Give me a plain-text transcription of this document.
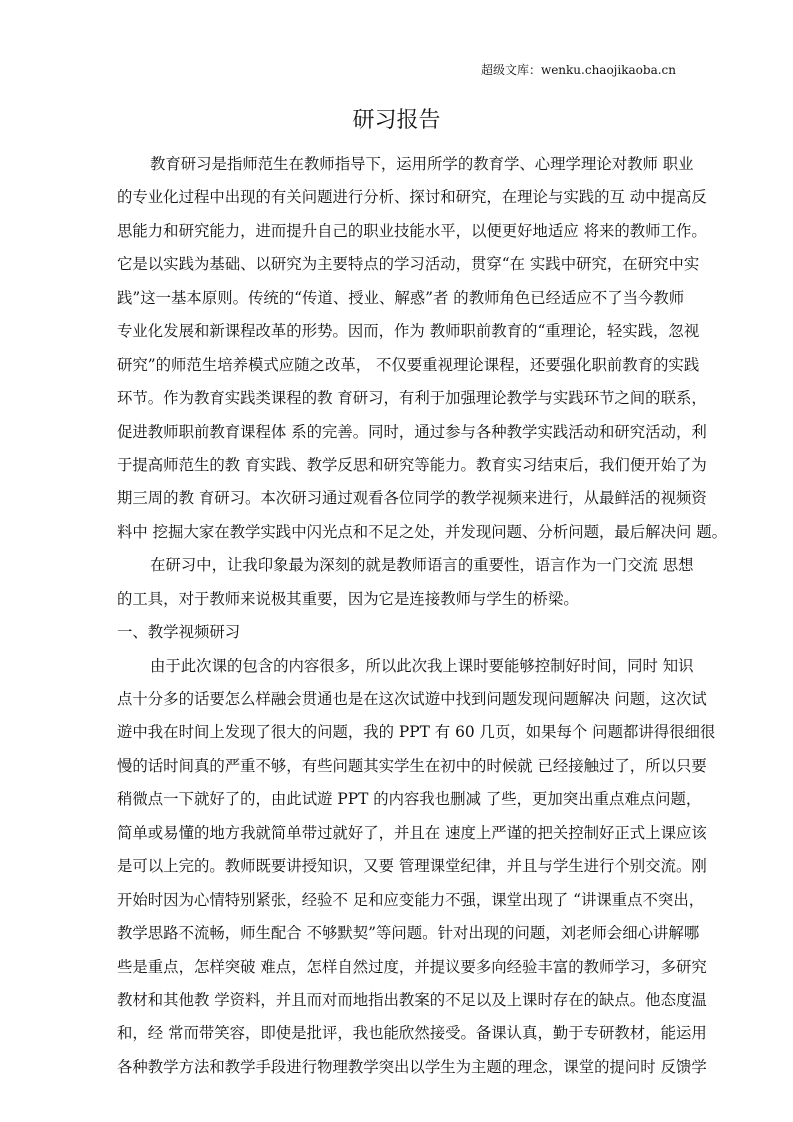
超级文库：wenku.chaojikaoba.cn
研习报告
教育研习是指师范生在教师指导下，运用所学的教育学、心理学理论对教师 职业
的专业化过程中出现的有关问题进行分析、探讨和研究，在理论与实践的互 动中提高反
思能力和研究能力，进而提升自己的职业技能水平，以便更好地适应 将来的教师工作。
它是以实践为基础、以研究为主要特点的学习活动，贯穿“在 实践中研究，在研究中实
践”这一基本原则。传统的“传道、授业、解惑”者 的教师角色已经适应不了当今教师
专业化发展和新课程改革的形势。因而，作为 教师职前教育的“重理论，轻实践，忽视
研究”的师范生培养模式应随之改革， 不仅要重视理论课程，还要强化职前教育的实践
环节。作为教育实践类课程的教 育研习，有利于加强理论教学与实践环节之间的联系，
促进教师职前教育课程体 系的完善。同时，通过参与各种教学实践活动和研究活动，利
于提高师范生的教 育实践、教学反思和研究等能力。教育实习结束后，我们便开始了为
期三周的教 育研习。本次研习通过观看各位同学的教学视频来进行，从最鲜活的视频资
料中 挖掘大家在教学实践中闪光点和不足之处，并发现问题、分析问题，最后解决问 题。
在研习中，让我印象最为深刻的就是教师语言的重要性，语言作为一门交流 思想
的工具，对于教师来说极其重要，因为它是连接教师与学生的桥梁。
一、教学视频研习
由于此次课的包含的内容很多，所以此次我上课时要能够控制好时间，同时 知识
点十分多的话要怎么样融会贯通也是在这次试遊中找到问题发现问题解决 问题，这次试
遊中我在时间上发现了很大的问题，我的 PPT 有 60 几页，如果每个 问题都讲得很细很
慢的话时间真的严重不够，有些问题其实学生在初中的时候就 已经接触过了，所以只要
稍微点一下就好了的，由此试遊 PPT 的内容我也删减 了些，更加突出重点难点问题，
简单或易懂的地方我就简单带过就好了，并且在 速度上严谨的把关控制好正式上课应该
是可以上完的。教师既要讲授知识，又要 管理课堂纪律，并且与学生进行个别交流。刚
开始时因为心情特别紧张，经验不 足和应变能力不强，课堂出现了 “讲课重点不突出，
教学思路不流畅，师生配合 不够默契”等问题。针对出现的问题，刘老师会细心讲解哪
些是重点，怎样突破 难点，怎样自然过度，并提议要多向经验丰富的教师学习，多研究
教材和其他教 学资料，并且而对而地指出教案的不足以及上课时存在的缺点。他态度温
和，经 常而带笑容，即使是批评，我也能欣然接受。备课认真，勤于专研教材，能运用
各种教学方法和教学手段进行物理教学突出以学生为主题的理念，课堂的提问时 反馈学
